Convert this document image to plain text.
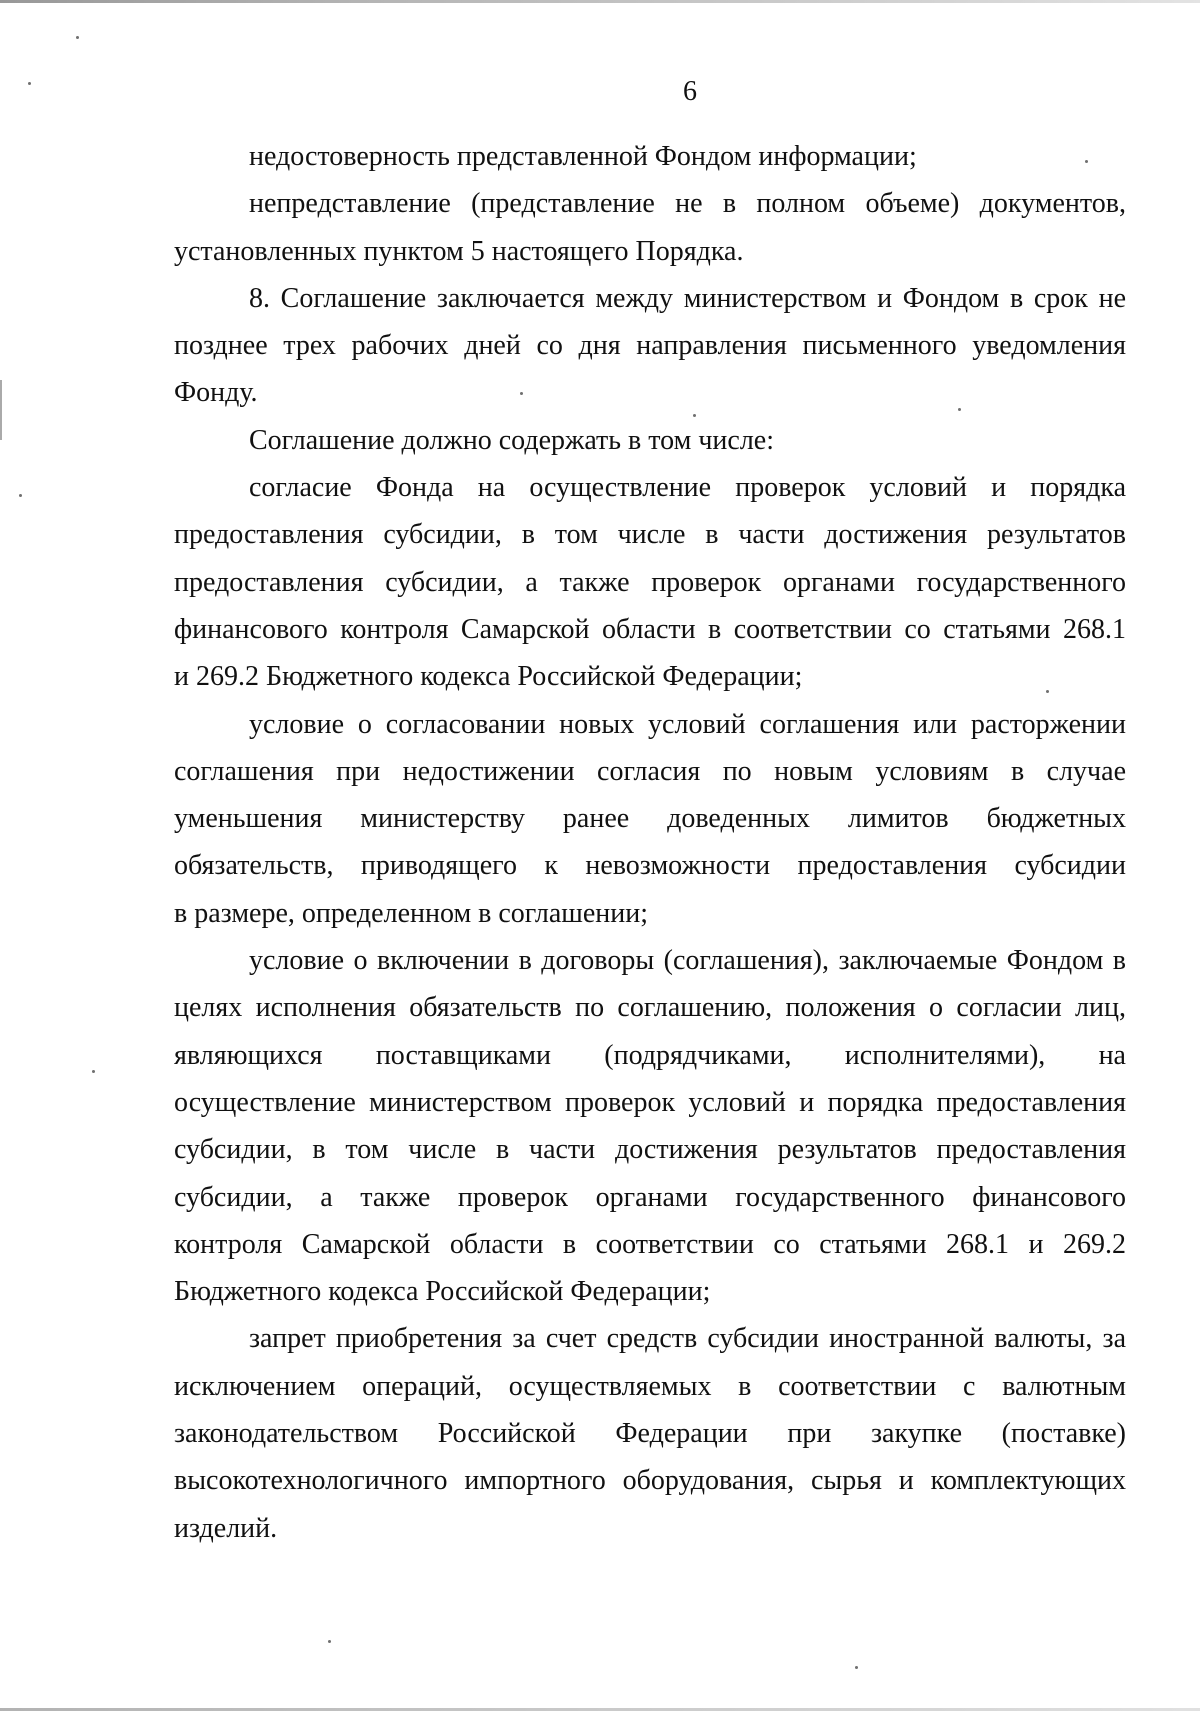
6
недостоверность представленной Фондом информации;
непредставление (представление не в полном объеме) документов,
установленных пунктом 5 настоящего Порядка.
8. Соглашение заключается между министерством и Фондом в срок не
позднее трех рабочих дней со дня направления письменного уведомления
Фонду.
Соглашение должно содержать в том числе:
согласие Фонда на осуществление проверок условий и порядка
предоставления субсидии, в том числе в части достижения результатов
предоставления субсидии, а также проверок органами государственного
финансового контроля Самарской области в соответствии со статьями 268.1
и 269.2 Бюджетного кодекса Российской Федерации;
условие о согласовании новых условий соглашения или расторжении
соглашения при недостижении согласия по новым условиям в случае
уменьшения министерству ранее доведенных лимитов бюджетных
обязательств, приводящего к невозможности предоставления субсидии
в размере, определенном в соглашении;
условие о включении в договоры (соглашения), заключаемые Фондом в
целях исполнения обязательств по соглашению, положения о согласии лиц,
являющихся поставщиками (подрядчиками, исполнителями), на
осуществление министерством проверок условий и порядка предоставления
субсидии, в том числе в части достижения результатов предоставления
субсидии, а также проверок органами государственного финансового
контроля Самарской области в соответствии со статьями 268.1 и 269.2
Бюджетного кодекса Российской Федерации;
запрет приобретения за счет средств субсидии иностранной валюты, за
исключением операций, осуществляемых в соответствии с валютным
законодательством Российской Федерации при закупке (поставке)
высокотехнологичного импортного оборудования, сырья и комплектующих
изделий.
